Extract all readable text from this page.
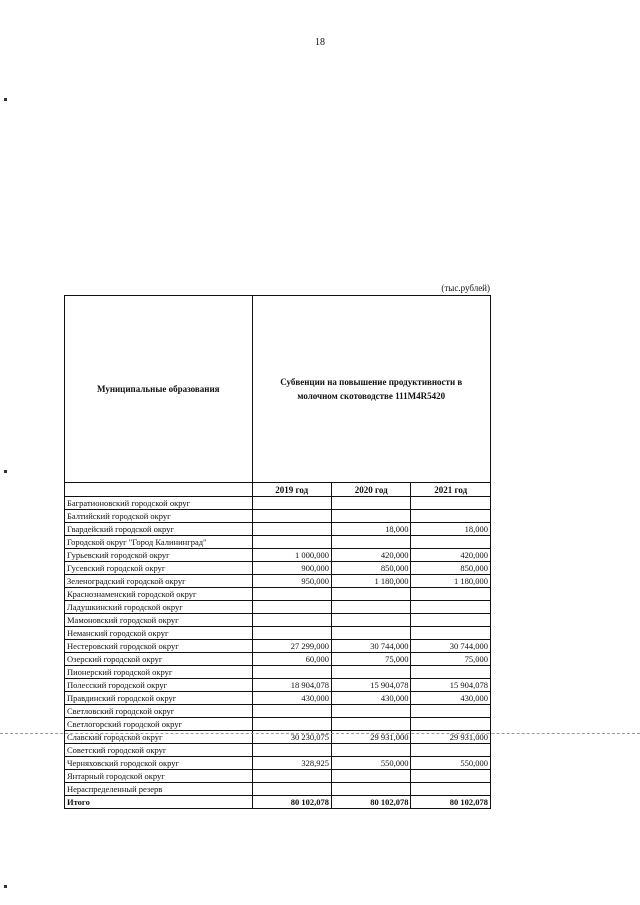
18
(тыс.рублей)
Муниципальные образования	Субвенции на повышение продуктивности в молочном скотоводстве 111M4R5420		
	2019 год	2020 год	2021 год
Багратионовский городской округ			
Балтийский городской округ			
Гвардейский городской округ		18,000	18,000
Городской округ "Город Калининград"			
Гурьевский городской округ	1 000,000	420,000	420,000
Гусевский городской округ	900,000	850,000	850,000
Зеленоградский городской округ	950,000	1 180,000	1 180,000
Краснознаменский городской округ			
Ладушкинский городской округ			
Мамоновский городской округ			
Неманский городской округ			
Нестеровский городской округ	27 299,000	30 744,000	30 744,000
Озерский городской округ	60,000	75,000	75,000
Пионерский городской округ			
Полесский городской округ	18 904,078	15 904,078	15 904,078
Правдинский городской округ	430,000	430,000	430,000
Светловский городской округ			
Светлогорский городской округ			
Славский городской округ	30 230,075	29 931,000	29 931,000
Советский городской округ			
Черняховский городской округ	328,925	550,000	550,000
Янтарный городской округ			
Нераспределенный резерв			
Итого	80 102,078	80 102,078	80 102,078
